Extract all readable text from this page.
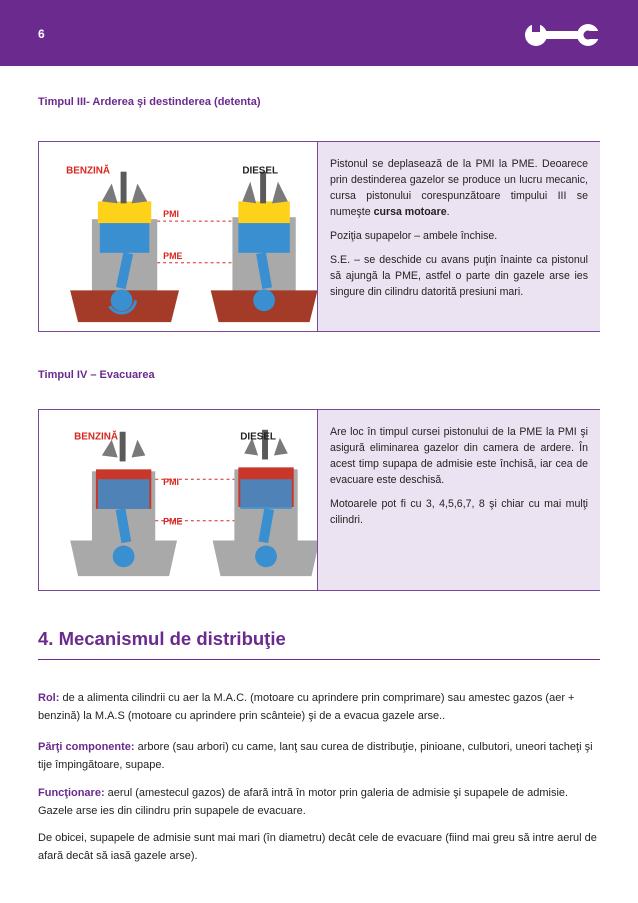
6
Timpul III- Arderea şi destinderea (detenta)
BENZINĂ	DIESEL
PMI
PME

Pistonul se deplasează de la PMI la PME. Deoarece prin destinderea gazelor se produce un lucru mecanic, cursa pistonului corespunzătoare timpului III se numeşte cursa motoare.

Poziţia supapelor – ambele închise.

S.E. – se deschide cu avans puţin înainte ca pistonul să ajungă la PME, astfel o parte din gazele arse ies singure din cilindru datorită presiuni mari.

Timpul IV – Evacuarea
BENZINĂ	DIESEL
PMI
PME

Are loc în timpul cursei pistonului de la PME la PMI şi asigură eliminarea gazelor din camera de ardere. În acest timp supapa de admisie este închisă, iar cea de evacuare este deschisă.

Motoarele pot fi cu 3, 4,5,6,7, 8 şi chiar cu mai mulţi cilindri.

4. Mecanismul de distribuţie
Rol: de a alimenta cilindrii cu aer la M.A.C. (motoare cu aprindere prin comprimare) sau amestec gazos (aer + benzină) la M.A.S (motoare cu aprindere prin scânteie) şi de a evacua gazele arse..
Părţi componente: arbore (sau arbori) cu came, lanţ sau curea de distribuţie, pinioane, culbutori, uneori tacheţi şi tije împingătoare, supape.
Funcţionare: aerul (amestecul gazos) de afară intră în motor prin galeria de admisie şi supapele de admisie. Gazele arse ies din cilindru prin supapele de evacuare.
De obicei, supapele de admisie sunt mai mari (în diametru) decât cele de evacuare (fiind mai greu să intre aerul de afară decât să iasă gazele arse).
